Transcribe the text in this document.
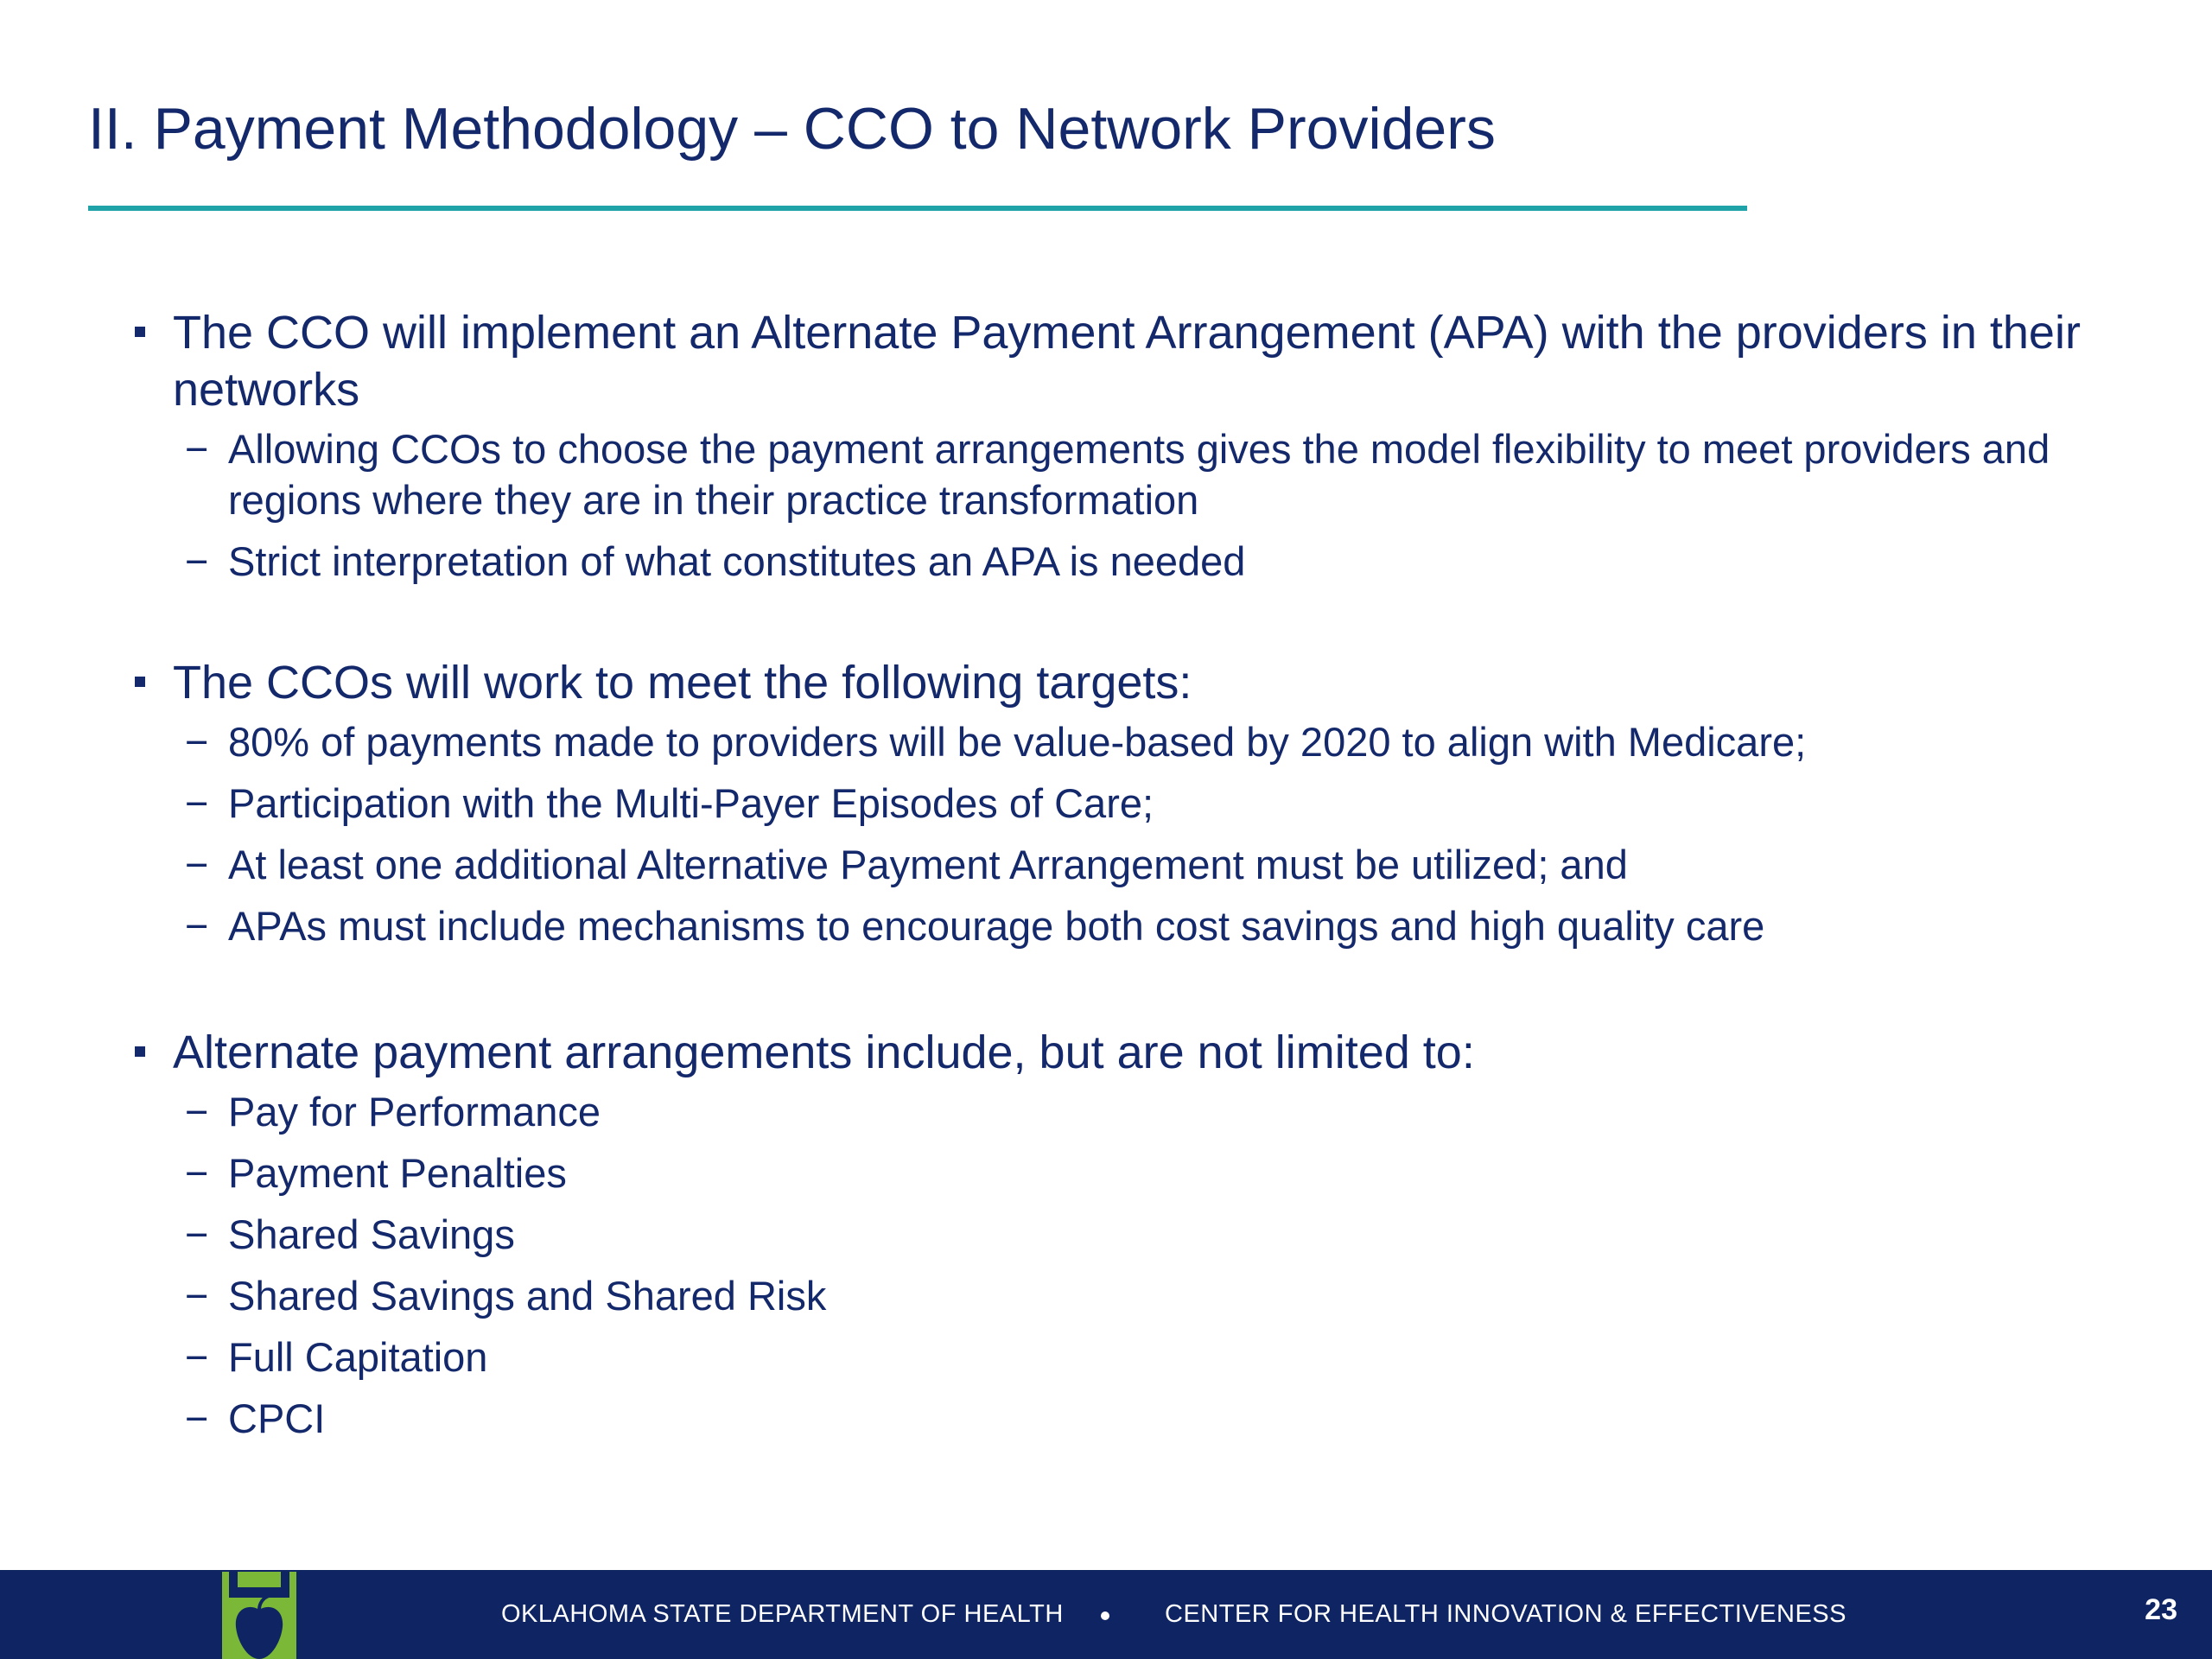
II. Payment Methodology – CCO to Network Providers
The CCO will implement an Alternate Payment Arrangement (APA) with the providers in their networks
− Allowing CCOs to choose the payment arrangements gives the model flexibility to meet providers and regions where they are in their practice transformation
− Strict interpretation of what constitutes an APA is needed
The CCOs will work to meet the following targets:
− 80% of payments made to providers will be value-based by 2020 to align with Medicare;
− Participation with the Multi-Payer Episodes of Care;
− At least one additional Alternative Payment Arrangement must be utilized; and
− APAs must include mechanisms to encourage both cost savings and high quality care
Alternate payment arrangements include, but are not limited to:
− Pay for Performance
− Payment Penalties
− Shared Savings
− Shared Savings and Shared Risk
− Full Capitation
− CPCI
OKLAHOMA STATE DEPARTMENT OF HEALTH	CENTER FOR HEALTH INNOVATION & EFFECTIVENESS	23
